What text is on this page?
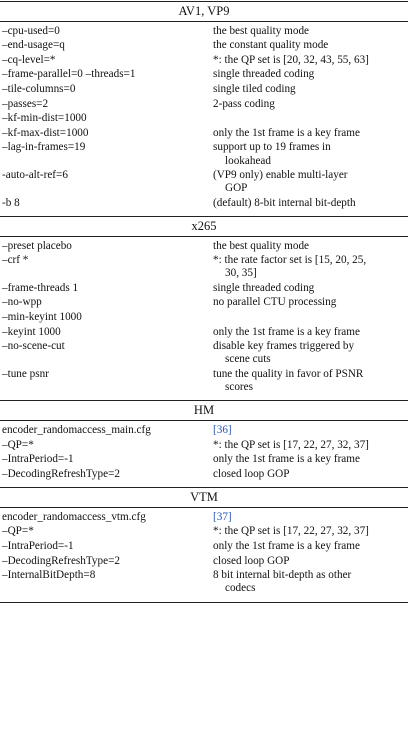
AV1, VP9
–cpu-used=0	the best quality mode
–end-usage=q	the constant quality mode
–cq-level=*	*: the QP set is [20, 32, 43, 55, 63]
–frame-parallel=0 –threads=1	single threaded coding
–tile-columns=0	single tiled coding
–passes=2	2-pass coding
–kf-min-dist=1000
–kf-max-dist=1000	only the 1st frame is a key frame
–lag-in-frames=19	support up to 19 frames in
lookahead
-auto-alt-ref=6	(VP9 only) enable multi-layer
GOP
-b 8	(default) 8-bit internal bit-depth
x265
–preset placebo	the best quality mode
–crf *	*: the rate factor set is [15, 20, 25,
30, 35]
–frame-threads 1	single threaded coding
–no-wpp	no parallel CTU processing
–min-keyint 1000
–keyint 1000	only the 1st frame is a key frame
–no-scene-cut	disable key frames triggered by
scene cuts
–tune psnr	tune the quality in favor of PSNR
scores
HM
encoder_randomaccess_main.cfg	[36]
–QP=*	*: the QP set is [17, 22, 27, 32, 37]
–IntraPeriod=-1	only the 1st frame is a key frame
–DecodingRefreshType=2	closed loop GOP
VTM
encoder_randomaccess_vtm.cfg	[37]
–QP=*	*: the QP set is [17, 22, 27, 32, 37]
–IntraPeriod=-1	only the 1st frame is a key frame
–DecodingRefreshType=2	closed loop GOP
–InternalBitDepth=8	8 bit internal bit-depth as other
codecs
